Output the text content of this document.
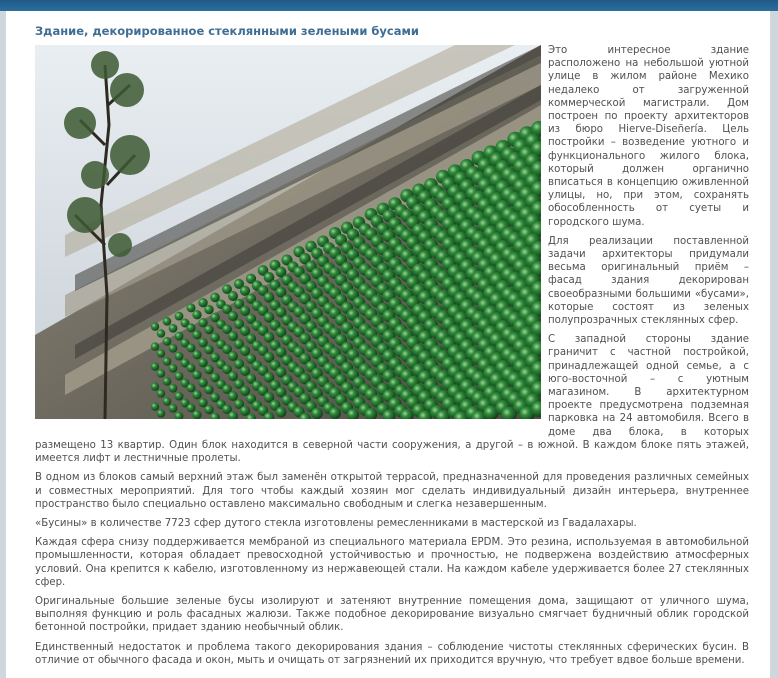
Здание, декорированное стеклянными зелеными бусами

Это интересное здание расположено на небольшой уютной улице в жилом районе Мехико недалеко от загруженной коммерческой магистрали. Дом построен по проекту архитекторов из бюро Hierve-Diseñería. Цель постройки – возведение уютного и функционального жилого блока, который должен органично вписаться в концепцию оживленной улицы, но, при этом, сохранять обособленность от суеты и городского шума.

Для реализации поставленной задачи архитекторы придумали весьма оригинальный приём – фасад здания декорирован своеобразными большими «бусами», которые состоят из зеленых полупрозрачных стеклянных сфер.

С западной стороны здание граничит с частной постройкой, принадлежащей одной семье, а с юго-восточной – с уютным магазином. В архитектурном проекте предусмотрена подземная парковка на 24 автомобиля. Всего в доме два блока, в которых размещено 13 квартир. Один блок находится в северной части сооружения, а другой – в южной. В каждом блоке пять этажей, имеется лифт и лестничные пролеты.

В одном из блоков самый верхний этаж был заменён открытой террасой, предназначенной для проведения различных семейных и совместных мероприятий. Для того чтобы каждый хозяин мог сделать индивидуальный дизайн интерьера, внутреннее пространство было специально оставлено максимально свободным и слегка незавершенным.

«Бусины» в количестве 7723 сфер дутого стекла изготовлены ремесленниками в мастерской из Гвадалахары.

Каждая сфера снизу поддерживается мембраной из специального материала EPDM. Это резина, используемая в автомобильной промышленности, которая обладает превосходной устойчивостью и прочностью, не подвержена воздействию атмосферных условий. Она крепится к кабелю, изготовленному из нержавеющей стали. На каждом кабеле удерживается более 27 стеклянных сфер.

Оригинальные большие зеленые бусы изолируют и затеняют внутренние помещения дома, защищают от уличного шума, выполняя функцию и роль фасадных жалюзи. Также подобное декорирование визуально смягчает будничный облик городской бетонной постройки, придает зданию необычный облик.

Единственный недостаток и проблема такого декорирования здания – соблюдение чистоты стеклянных сферических бусин. В отличие от обычного фасада и окон, мыть и очищать от загрязнений их приходится вручную, что требует вдвое больше времени.
